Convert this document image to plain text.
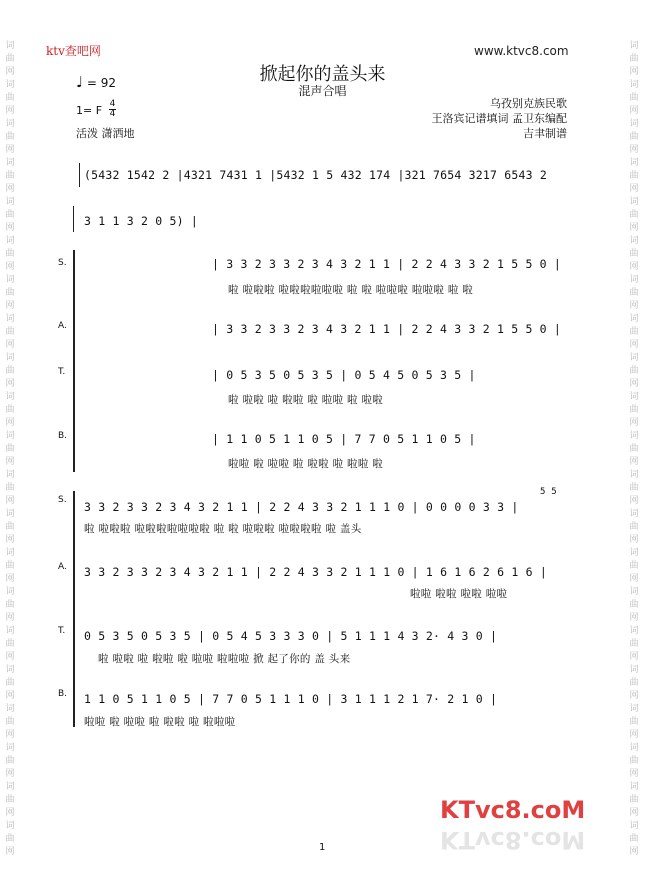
词
曲
网
词
曲
网
词
曲
网
词
曲
网
词
曲
网
词
曲
网
词
曲
网
词
曲
网
词
曲
网
词
曲
网
词
曲
网
词
曲
网
词
曲
网
词
曲
网
词
曲
网
词
曲
网
词
曲
网
词
曲
网
词
曲
网
词
曲
网
词
曲
网
词
曲
网
词
曲
网
词
曲
网
词
曲
网
词
曲
网
词
曲
网
词
曲
网
词
曲
网
词
曲
网
词
曲
网
词
曲
网
词
曲
网
词
曲
网
词
曲
网
词
曲
网
词
曲
网
词
曲
网
词
曲
网
词
曲
网
词
曲
网
词
曲
网
ktv查吧网	www.ktvc8.com
掀起你的盖头来
混声合唱
♩ = 92
1= F 4
4
活泼 潇洒地
乌孜别克族民歌
王洛宾记谱填词 孟卫东编配
吉聿制谱
(5432 1542 2 |4321 7431 1 |5432 1 5 432 174 |321 7654 3217 6543 2
3 1 1 3 2 0 5) |
S.
A.
T.
B.
| 3 3 2 3 3 2 3 4 3 2 1 1 | 2 2 4 3 3 2 1 5 5 0 |
啦 啦啦啦 啦啦啦啦啦啦 啦 啦 啦啦啦 啦啦啦 啦 啦
| 3 3 2 3 3 2 3 4 3 2 1 1 | 2 2 4 3 3 2 1 5 5 0 |
| 0 5 3 5 0 5 3 5 | 0 5 4 5 0 5 3 5 |
啦 啦啦 啦 啦啦 啦 啦啦 啦 啦啦
| 1 1 0 5 1 1 0 5 | 7 7 0 5 1 1 0 5 |
啦啦 啦 啦啦 啦 啦啦 啦 啦啦 啦
S.
A.
T.
B.
5 5
3 3 2 3 3 2 3 4 3 2 1 1 | 2 2 4 3 3 2 1 1 1 0 | 0 0 0 0 3 3 |
啦 啦啦啦 啦啦啦啦啦啦啦 啦 啦 啦啦啦 啦啦啦啦 啦 盖头
3 3 2 3 3 2 3 4 3 2 1 1 | 2 2 4 3 3 2 1 1 1 0 | 1 6 1 6 2 6 1 6 |
啦啦 啦啦 啦啦 啦啦
0 5 3 5 0 5 3 5 | 0 5 4 5 3 3 3 0 | 5 1 1 1 4 3 2· 4 3 0 |
啦 啦啦 啦 啦啦 啦 啦啦 啦啦啦 掀 起了你的 盖 头来
1 1 0 5 1 1 0 5 | 7 7 0 5 1 1 1 0 | 3 1 1 1 2 1 7· 2 1 0 |
啦啦 啦 啦啦 啦 啦啦 啦 啦啦啦
KTvc8.coM
KTvc8.coM
1
